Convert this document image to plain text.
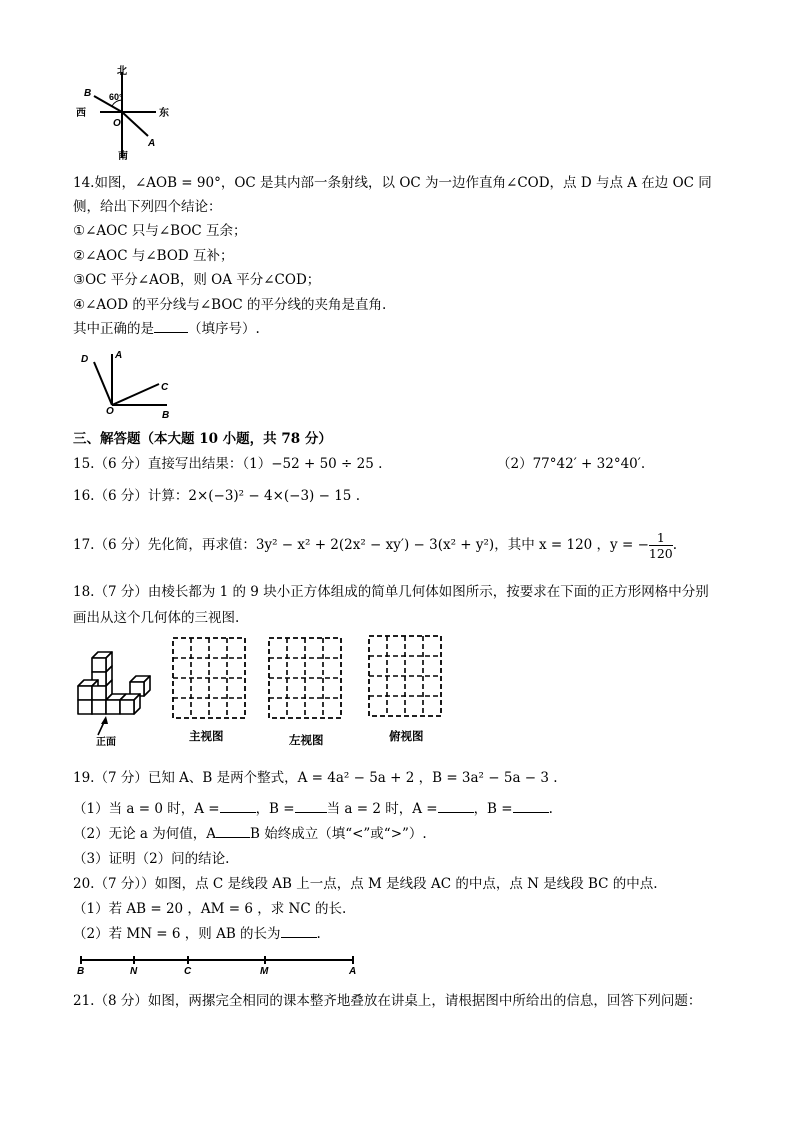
北
南
东
西
60°
O
A
B
14.如图，∠AOB = 90°，OC 是其内部一条射线，以 OC 为一边作直角∠COD，点 D 与点 A 在边 OC 同
侧，给出下列四个结论：
①∠AOC 只与∠BOC 互余；
②∠AOC 与∠BOD 互补；
③OC 平分∠AOB，则 OA 平分∠COD；
④∠AOD 的平分线与∠BOC 的平分线的夹角是直角.
其中正确的是	（填序号）.
D	A
C
O	B
三、解答题（本大题 10 小题，共 78 分）
15.（6 分）直接写出结果：（1）−52 + 50 ÷ 25 .	（2）77°42′ + 32°40′.
16.（6 分）计算：2×(−3)² − 4×(−3) − 15 .
17.（6 分）先化简，再求值：3y² − x² + 2(2x² − xy′) − 3(x² + y²)，其中 x = 120 ，y = − $\frac{1}{120}$ .
18.（7 分）由棱长都为 1 的 9 块小正方体组成的简单几何体如图所示，按要求在下面的正方形网格中分别
画出从这个几何体的三视图.
正面	主视图	左视图	俯视图
19.（7 分）已知 A、B 是两个整式，A = 4a² − 5a + 2 ，B = 3a² − 5a − 3 .
（1）当 a = 0 时，A =	，B = 当 a = 2 时，A =	，B =	.
（2）无论 a 为何值，A	B 始终成立（填“<”或“>”）.
（3）证明（2）问的结论.
20.（7 分））如图，点 C 是线段 AB 上一点，点 M 是线段 AC 的中点，点 N 是线段 BC 的中点.
（1）若 AB = 20 ，AM = 6 ，求 NC 的长.
（2）若 MN = 6 ，则 AB 的长为	.
B	N	C	M	A
21.（8 分）如图，两摞完全相同的课本整齐地叠放在讲桌上，请根据图中所给出的信息，回答下列问题：
